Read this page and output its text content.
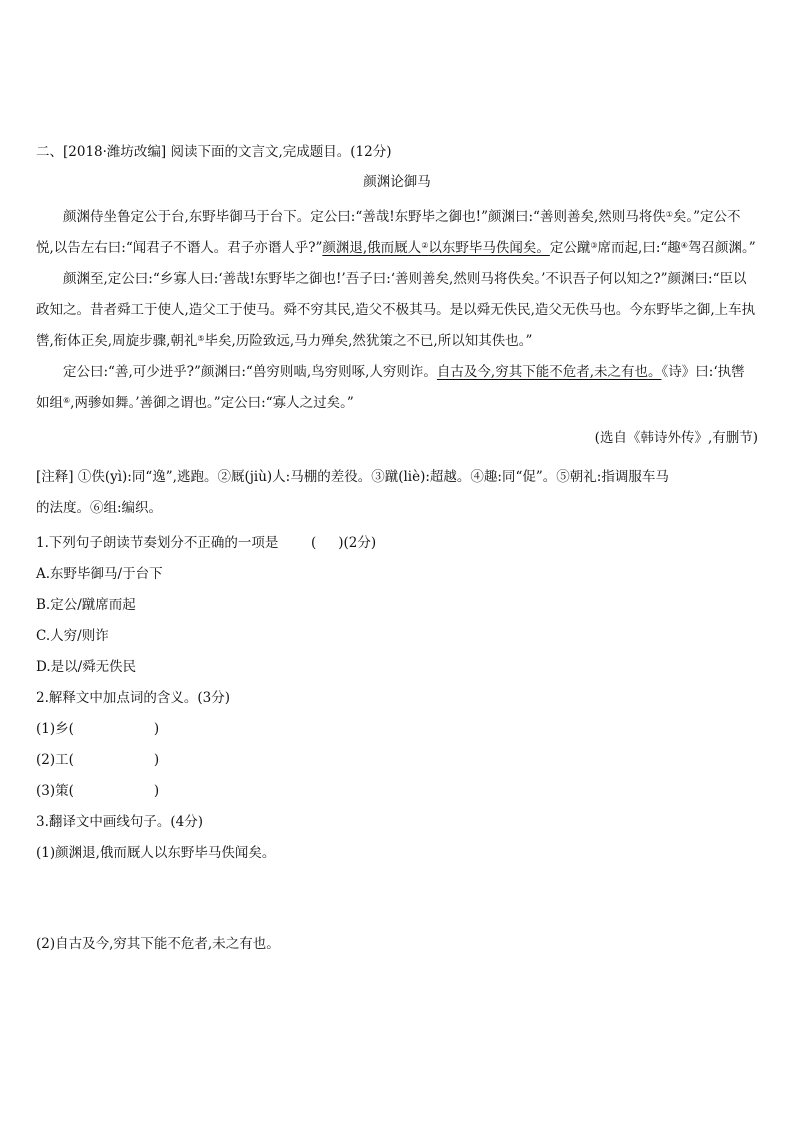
二、[2018·潍坊改编] 阅读下面的文言文,完成题目。(12分)
颜渊论御马
颜渊侍坐鲁定公于台,东野毕御马于台下。定公曰:“善哉!东野毕之御也!”颜渊曰:“善则善矣,然则马将佚①矣。”定公不悦,以告左右曰:“闻君子不谮人。君子亦谮人乎?”颜渊退,俄而厩人②以东野毕马佚闻矣。定公蹴③席而起,曰:“趣④驾召颜渊。”
颜渊至,定公曰:“乡寡人曰:‘善哉!东野毕之御也!’吾子曰:‘善则善矣,然则马将佚矣。’不识吾子何以知之?”颜渊曰:“臣以政知之。昔者舜工于使人,造父工于使马。舜不穷其民,造父不极其马。是以舜无佚民,造父无佚马也。今东野毕之御,上车执辔,衔体正矣,周旋步骤,朝礼⑤毕矣,历险致远,马力殚矣,然犹策之不已,所以知其佚也。”
定公曰:“善,可少进乎?”颜渊曰:“兽穷则啮,鸟穷则啄,人穷则诈。自古及今,穷其下能不危者,未之有也。《诗》曰:‘执辔如组⑥,两骖如舞。’善御之谓也。”定公曰:“寡人之过矣。”
(选自《韩诗外传》,有删节)
[注释] ①佚(yì):同“逸”,逃跑。②厩(jiù)人:马棚的差役。③蹴(liè):超越。④趣:同“促”。⑤朝礼:指调服车马
的法度。⑥组:编织。
1.下列句子朗读节奏划分不正确的一项是 ( )(2分)
A.东野毕御马/于台下
B.定公/蹴席而起
C.人穷/则诈
D.是以/舜无佚民
2.解释文中加点词的含义。(3分)
(1)乡(	)
(2)工(	)
(3)策(	)
3.翻译文中画线句子。(4分)
(1)颜渊退,俄而厩人以东野毕马佚闻矣。
(2)自古及今,穷其下能不危者,未之有也。
